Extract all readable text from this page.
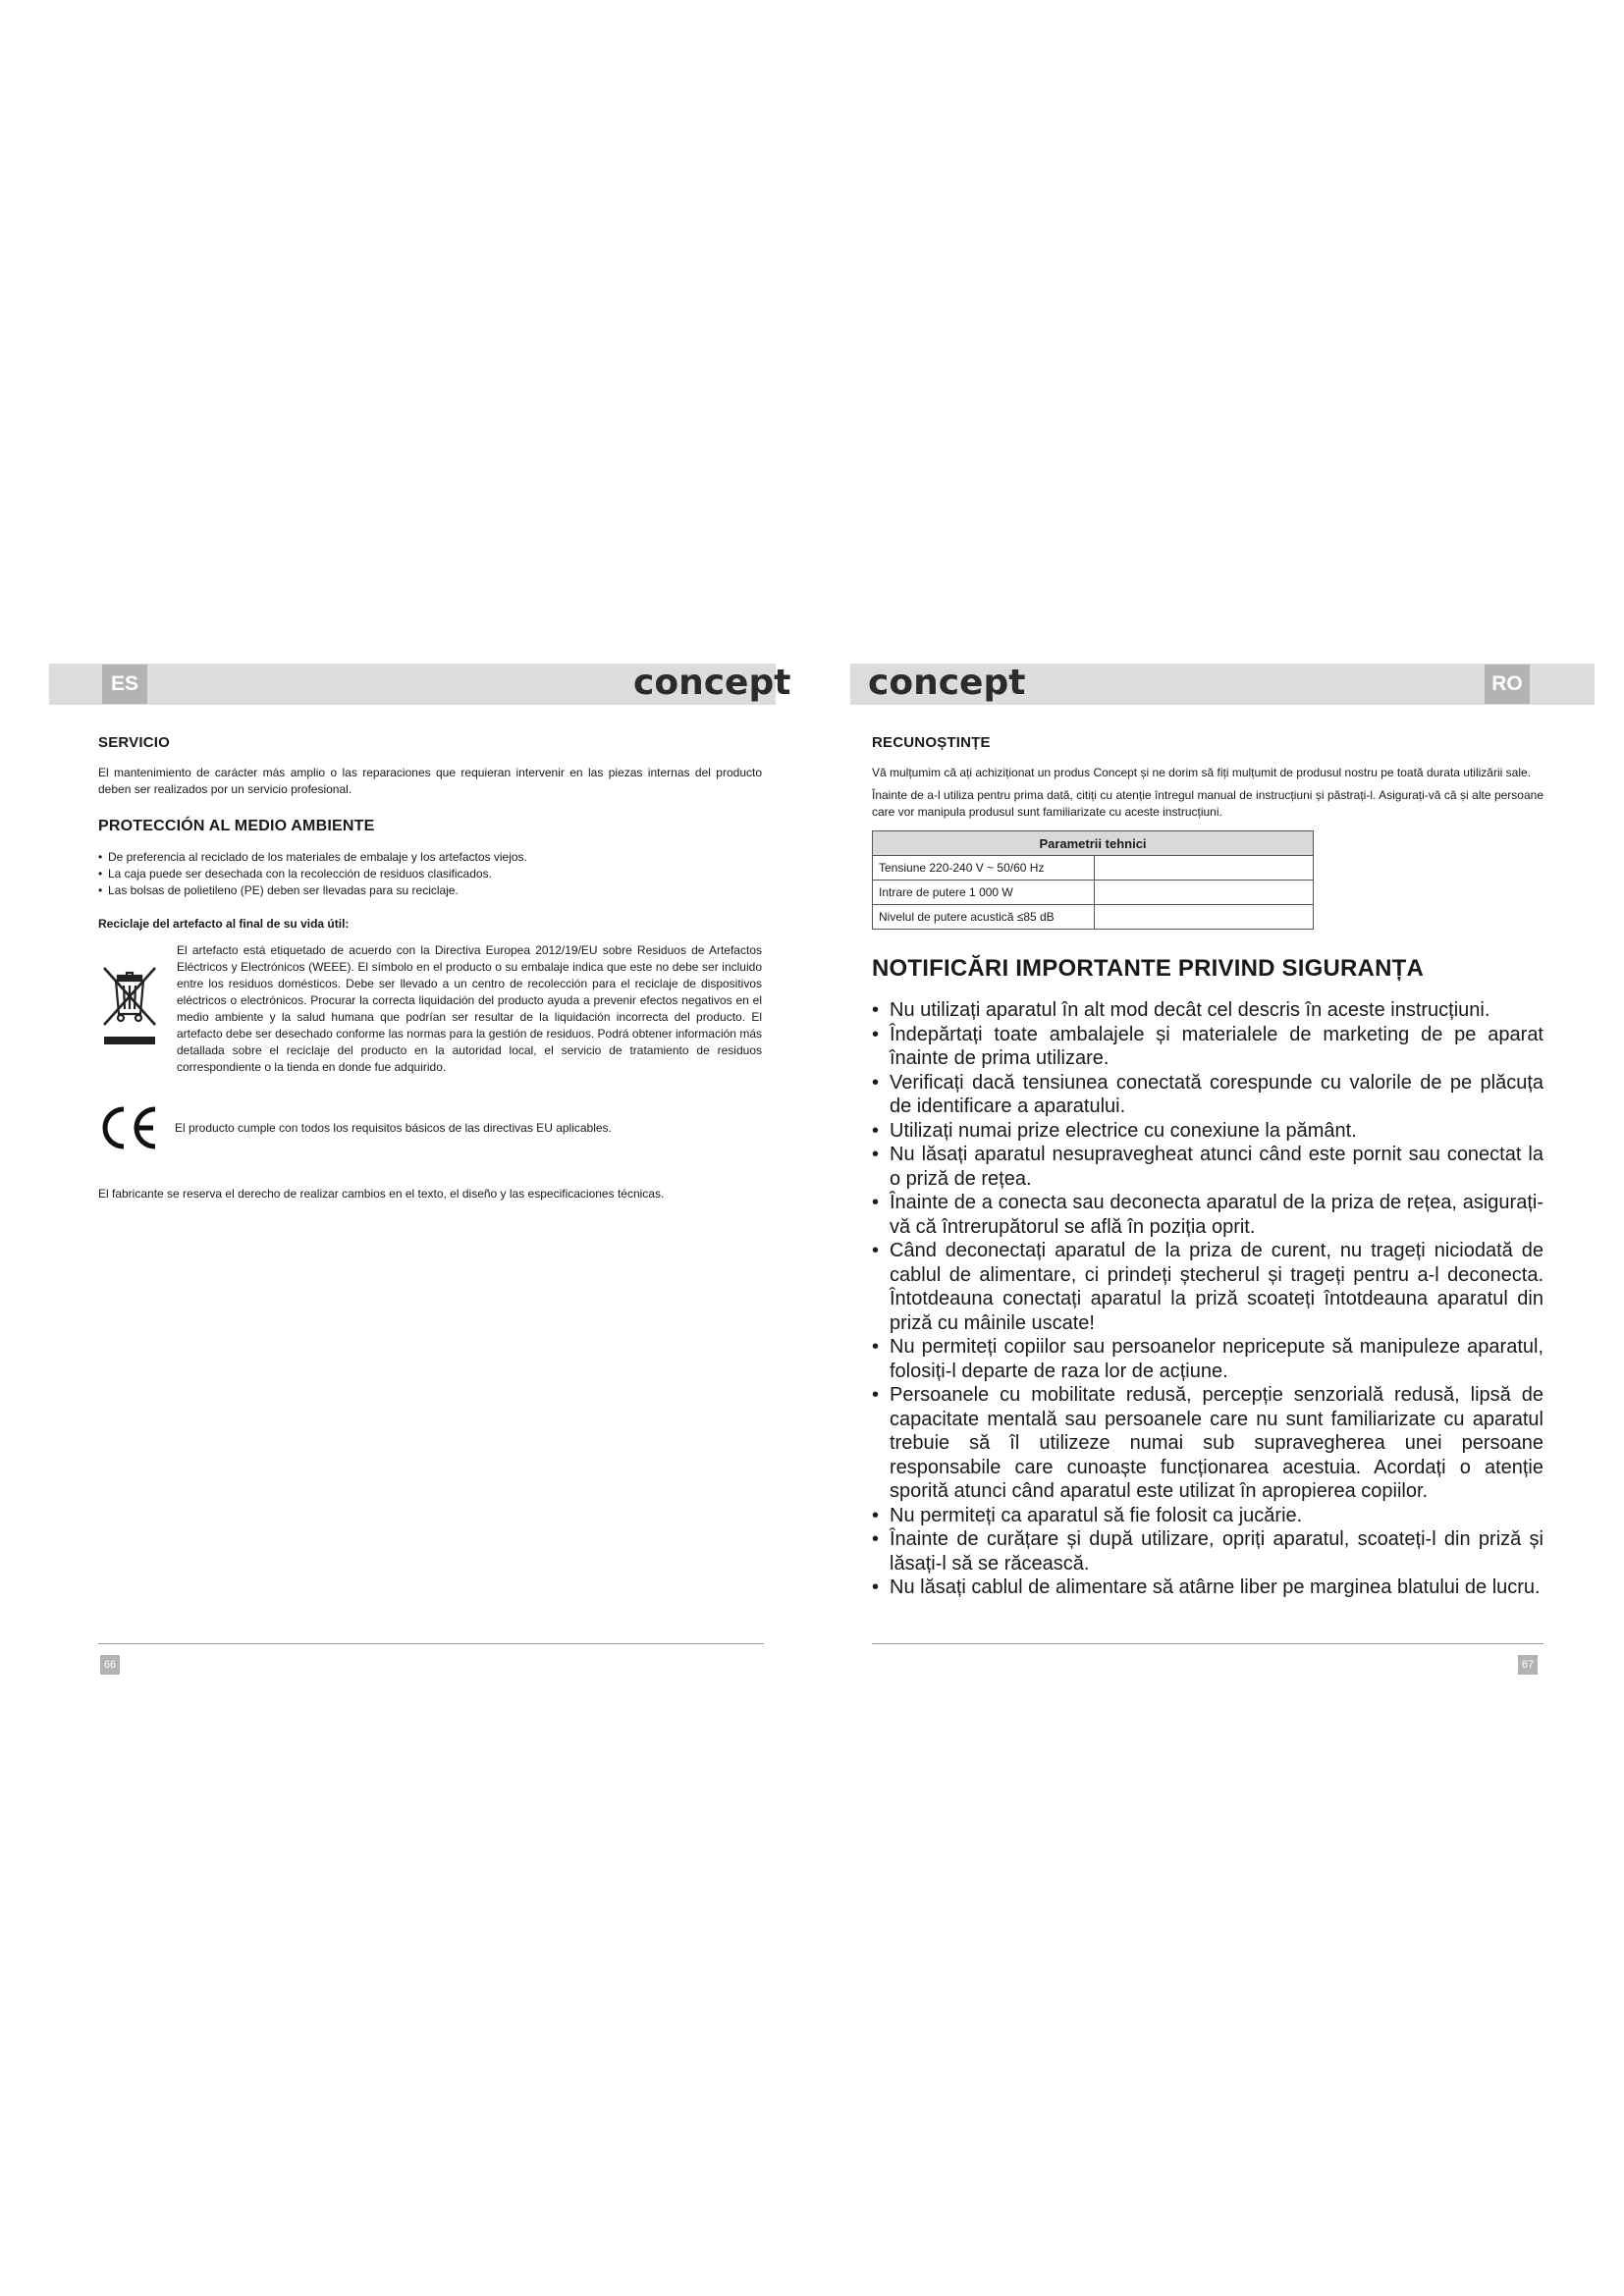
ES	RO
concept concept
SERVICIO

El mantenimiento de carácter más amplio o las reparaciones que requieran intervenir en las piezas internas del producto deben ser realizados por un servicio profesional.

PROTECCIÓN AL MEDIO AMBIENTE
• De preferencia al reciclado de los materiales de embalaje y los artefactos viejos.
• La caja puede ser desechada con la recolección de residuos clasificados.
• Las bolsas de polietileno (PE) deben ser llevadas para su reciclaje.
Reciclaje del artefacto al final de su vida útil:

El artefacto está etiquetado de acuerdo con la Directiva Europea 2012/19/EU sobre Residuos de Artefactos Eléctricos y Electrónicos (WEEE). El símbolo en el producto o su embalaje indica que este no debe ser incluido entre los residuos domésticos. Debe ser llevado a un centro de recolección para el reciclaje de dispositivos eléctricos o electrónicos. Procurar la correcta liquidación del producto ayuda a prevenir efectos negativos en el medio ambiente y la salud humana que podrían ser resultar de la liquidación incorrecta del producto. El artefacto debe ser desechado conforme las normas para la gestión de residuos. Podrá obtener información más detallada sobre el reciclaje del producto en la autoridad local, el servicio de tratamiento de residuos correspondiente o la tienda en donde fue adquirido.

El producto cumple con todos los requisitos básicos de las directivas EU aplicables.

El fabricante se reserva el derecho de realizar cambios en el texto, el diseño y las especificaciones técnicas.

RECUNOȘTINȚE

Vă mulțumim că ați achiziționat un produs Concept și ne dorim să fiți mulțumit de produsul nostru pe toată durata utilizării sale.

Înainte de a-l utiliza pentru prima dată, citiți cu atenție întregul manual de instrucțiuni și păstrați-l. Asigurați-vă că și alte persoane care vor manipula produsul sunt familiarizate cu aceste instrucțiuni.

Parametrii tehnici	
Tensiune 220-240 V ~ 50/60 Hz	
Intrare de putere 1 000 W	
Nivelul de putere acustică ≤85 dB	
NOTIFICĂRI IMPORTANTE PRIVIND SIGURANȚA
• Nu utilizați aparatul în alt mod decât cel descris în aceste instrucțiuni.
• Îndepărtați toate ambalajele și materialele de marketing de pe aparat înainte de prima utilizare.
• Verificați dacă tensiunea conectată corespunde cu valorile de pe plăcuța de identificare a aparatului.
• Utilizați numai prize electrice cu conexiune la pământ.
• Nu lăsați aparatul nesupravegheat atunci când este pornit sau conectat la o priză de rețea.
• Înainte de a conecta sau deconecta aparatul de la priza de rețea, asigurați-vă că întrerupătorul se află în poziția oprit.
• Când deconectați aparatul de la priza de curent, nu trageți niciodată de cablul de alimentare, ci prindeți ștecherul și trageți pentru a-l deconecta. Întotdeauna conectați aparatul la priză scoateți întotdeauna aparatul din priză cu mâinile uscate!
• Nu permiteți copiilor sau persoanelor nepricepute să manipuleze aparatul, folosiți-l departe de raza lor de acțiune.
• Persoanele cu mobilitate redusă, percepție senzorială redusă, lipsă de capacitate mentală sau persoanele care nu sunt familiarizate cu aparatul trebuie să îl utilizeze numai sub supravegherea unei persoane responsabile care cunoaște funcționarea acestuia. Acordați o atenție sporită atunci când aparatul este utilizat în apropierea copiilor.
• Nu permiteți ca aparatul să fie folosit ca jucărie.
• Înainte de curățare și după utilizare, opriți aparatul, scoateți-l din priză și lăsați-l să se răcească.
• Nu lăsați cablul de alimentare să atârne liber pe marginea blatului de lucru.
66	67
